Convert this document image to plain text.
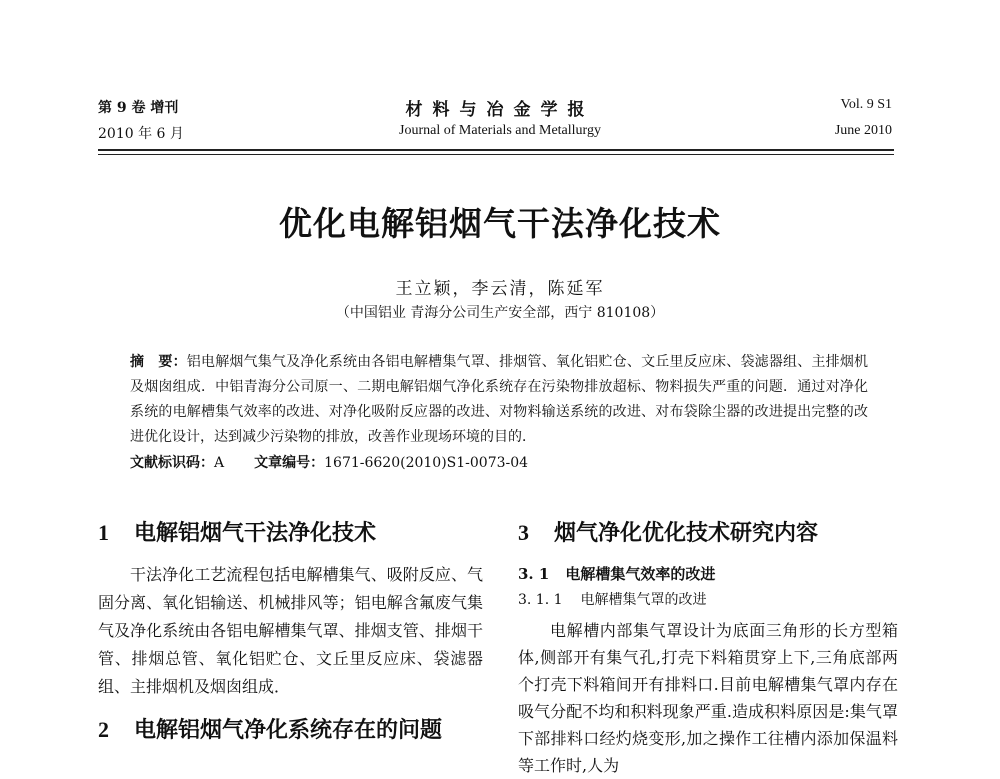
第 9 卷 增刊
2010 年 6 月
材料与冶金学报
Journal of Materials and Metallurgy
Vol. 9 S1
June 2010
优化电解铝烟气干法净化技术
王立颖，李云清，陈延军
（中国铝业 青海分公司生产安全部，西宁 810108）
摘　要：铝电解烟气集气及净化系统由各铝电解槽集气罩、排烟管、氧化铝贮仓、文丘里反应床、袋滤器组、主排烟机及烟囱组成．中铝青海分公司原一、二期电解铝烟气净化系统存在污染物排放超标、物料损失严重的问题．通过对净化系统的电解槽集气效率的改进、对净化吸附反应器的改进、对物料输送系统的改进、对布袋除尘器的改进提出完整的改进优化设计，达到减少污染物的排放，改善作业现场环境的目的．
文献标识码：A 文章编号：1671-6620(2010)S1-0073-04
1 电解铝烟气干法净化技术

干法净化工艺流程包括电解槽集气、吸附反应、气固分离、氧化铝输送、机械排风等；铝电解含氟废气集气及净化系统由各铝电解槽集气罩、排烟支管、排烟干管、排烟总管、氧化铝贮仓、文丘里反应床、袋滤器组、主排烟机及烟囱组成．

2 电解铝烟气净化系统存在的问题
3 烟气净化优化技术研究内容
3. 1 电解槽集气效率的改进
3. 1. 1 电解槽集气罩的改进

电解槽内部集气罩设计为底面三角形的长方型箱体,侧部开有集气孔,打壳下料箱贯穿上下,三角底部两个打壳下料箱间开有排料口.目前电解槽集气罩内存在吸气分配不均和积料现象严重.造成积料原因是:集气罩下部排料口经灼烧变形,加之操作工往槽内添加保温料等工作时,人为
